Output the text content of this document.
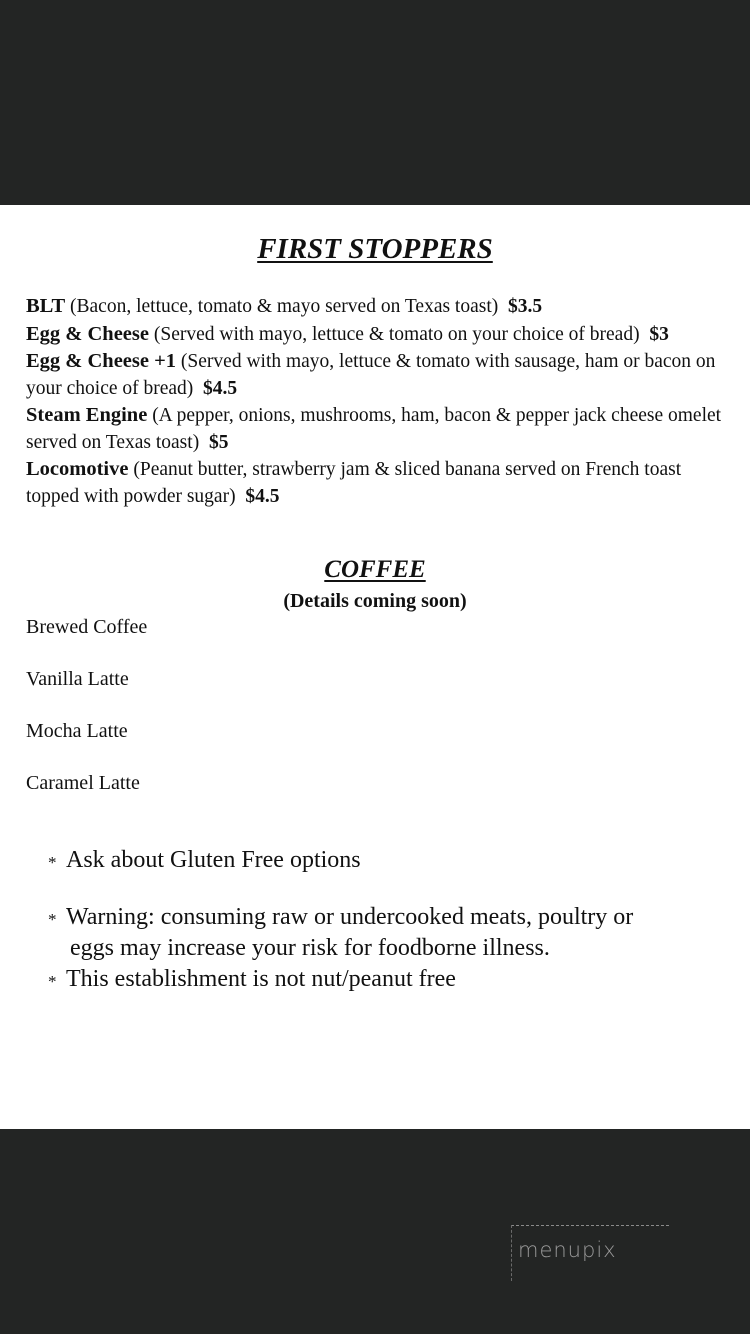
FIRST STOPPERS
BLT (Bacon, lettuce, tomato & mayo served on Texas toast) $3.5
Egg & Cheese (Served with mayo, lettuce & tomato on your choice of bread) $3
Egg & Cheese +1 (Served with mayo, lettuce & tomato with sausage, ham or bacon on your choice of bread) $4.5
Steam Engine (A pepper, onions, mushrooms, ham, bacon & pepper jack cheese omelet served on Texas toast) $5
Locomotive (Peanut butter, strawberry jam & sliced banana served on French toast topped with powder sugar) $4.5
COFFEE
(Details coming soon)
Brewed Coffee
Vanilla Latte
Mocha Latte
Caramel Latte
* Ask about Gluten Free options
* Warning: consuming raw or undercooked meats, poultry or
eggs may increase your risk for foodborne illness.
* This establishment is not nut/peanut free
menupix
